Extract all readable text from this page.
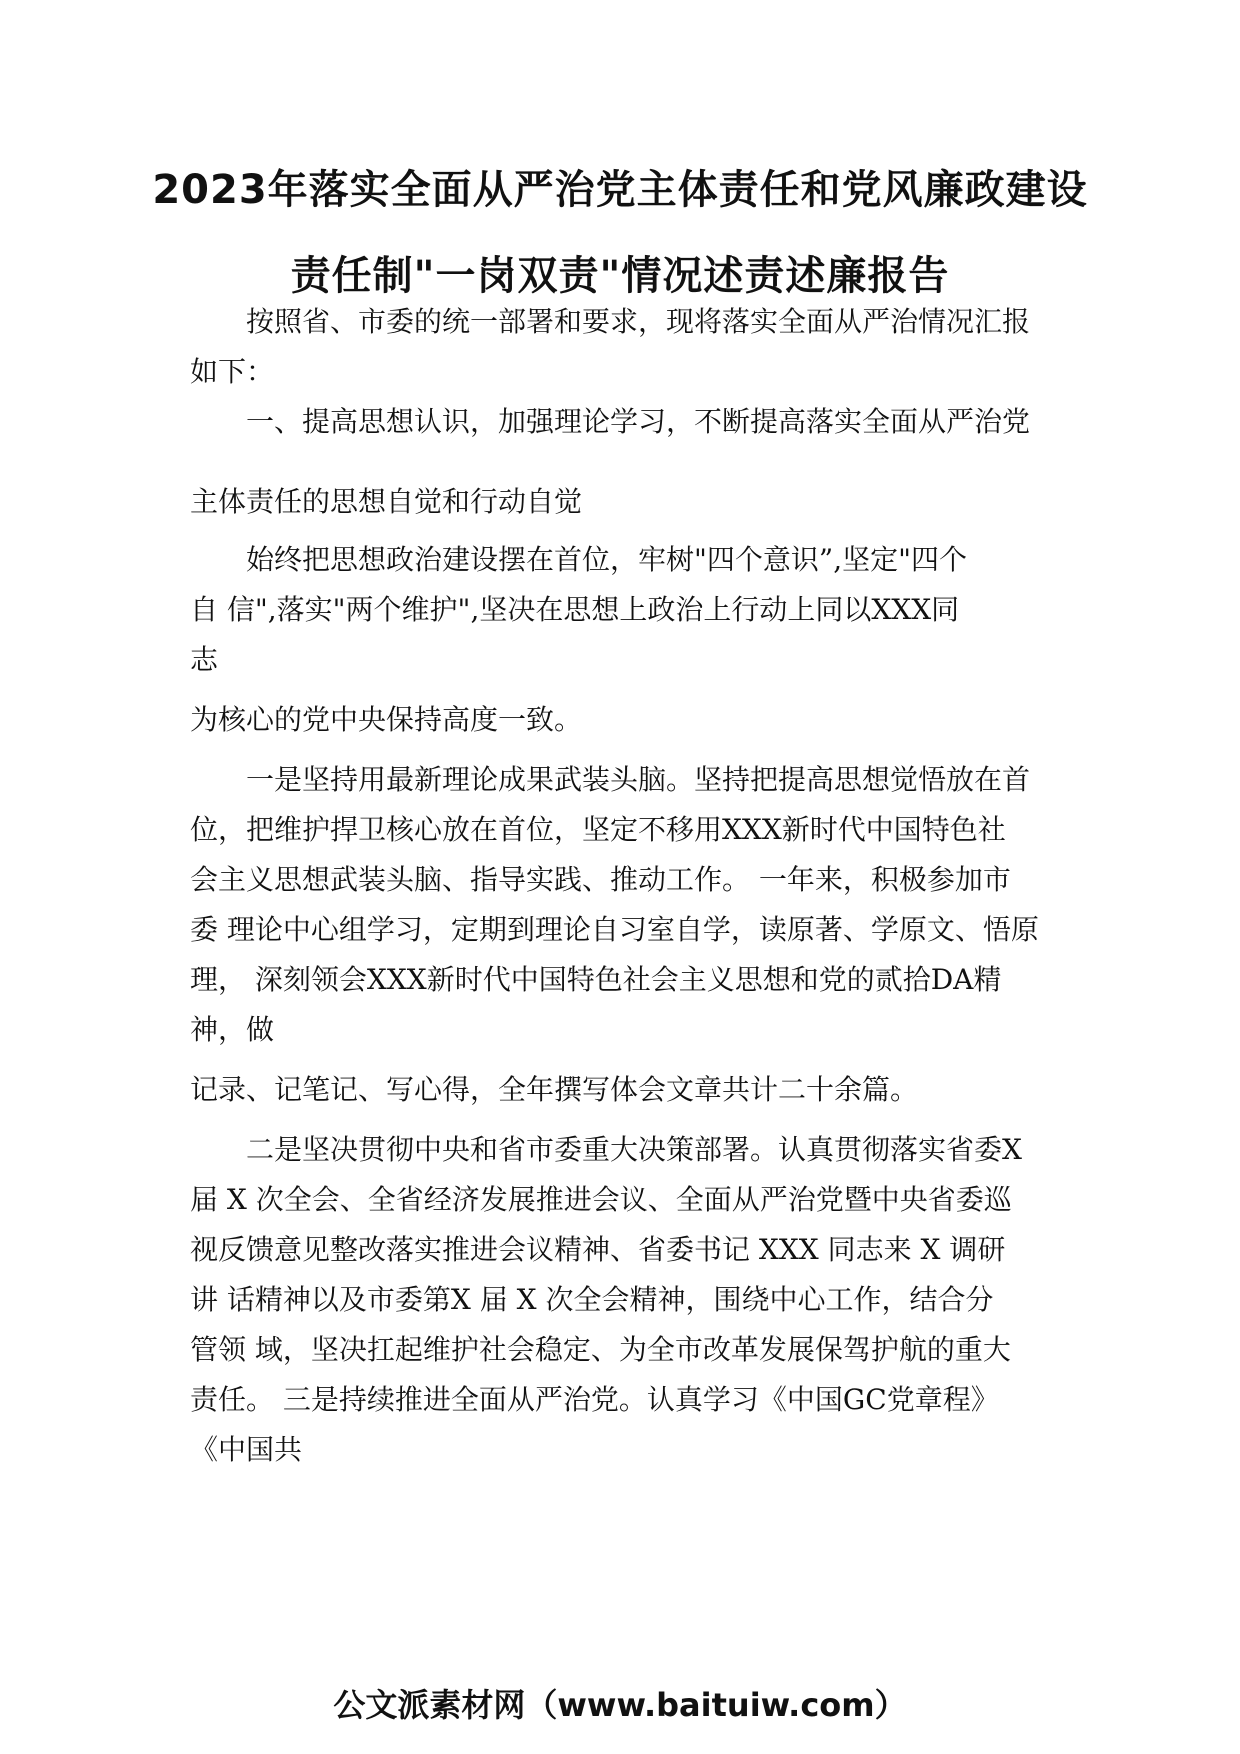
2023年落实全面从严治党主体责任和党风廉政建设
责任制"一岗双责"情况述责述廉报告

按照省、市委的统一部署和要求，现将落实全面从严治情况汇报

如下：

一、提高思想认识，加强理论学习，不断提高落实全面从严治党

主体责任的思想自觉和行动自觉

始终把思想政治建设摆在首位，牢树"四个意识”,坚定"四个

自 信",落实"两个维护",坚决在思想上政治上行动上同以XXX同

志

为核心的党中央保持高度一致。

一是坚持用最新理论成果武装头脑。坚持把提高思想觉悟放在首

位，把维护捍卫核心放在首位，坚定不移用XXX新时代中国特色社

会主义思想武装头脑、指导实践、推动工作。 一年来，积极参加市

委 理论中心组学习，定期到理论自习室自学，读原著、学原文、悟原

理， 深刻领会XXX新时代中国特色社会主义思想和党的贰拾DA精

神，做

记录、记笔记、写心得，全年撰写体会文章共计二十余篇。

二是坚决贯彻中央和省市委重大决策部署。认真贯彻落实省委X

届 X 次全会、全省经济发展推进会议、全面从严治党暨中央省委巡

视反馈意见整改落实推进会议精神、省委书记 XXX 同志来 X 调研

讲 话精神以及市委第X 届 X 次全会精神，围绕中心工作，结合分

管领 域，坚决扛起维护社会稳定、为全市改革发展保驾护航的重大

责任。 三是持续推进全面从严治党。认真学习《中国GC党章程》

《中国共

公文派素材网（www.baituiw.com）
